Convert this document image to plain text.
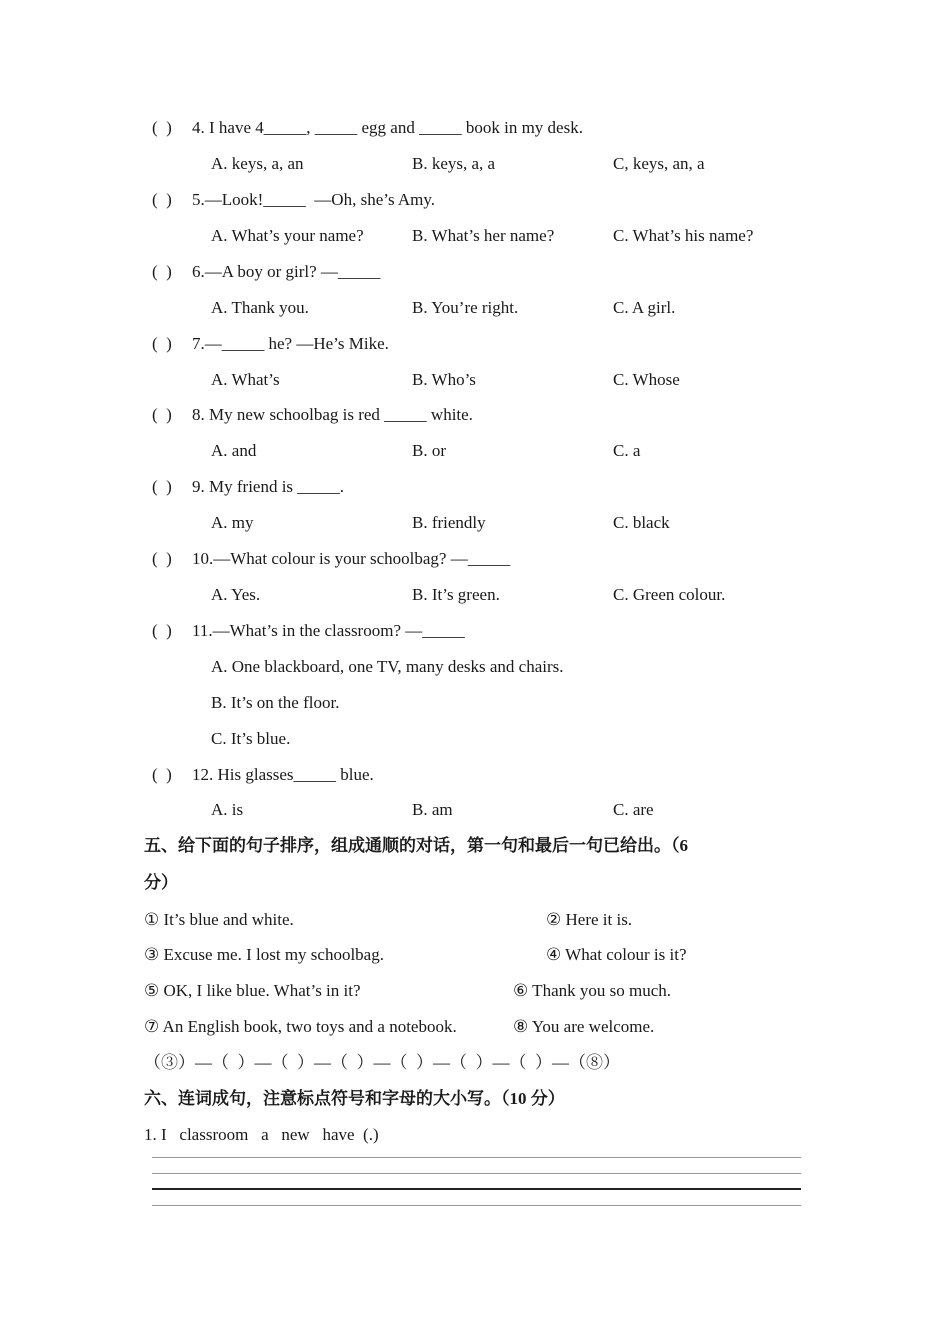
(  ) 4. I have 4_____, _____ egg and _____ book in my desk.
A. keys, a, an	B. keys, a, a	C, keys, an, a
(  ) 5.—Look!_____  —Oh, she’s Amy.
A. What’s your name?	B. What’s her name?	C. What’s his name?
(  ) 6.—A boy or girl? —_____
A. Thank you.	B. You’re right.	C. A girl.
(  ) 7.—_____ he? —He’s Mike.
A. What’s	B. Who’s	C. Whose
(  ) 8. My new schoolbag is red _____ white.
A. and	B. or	C. a
(  ) 9. My friend is _____.
A. my	B. friendly	C. black
(  ) 10.—What colour is your schoolbag? —_____
A. Yes.	B. It’s green.	C. Green colour.
(  ) 11.—What’s in the classroom? —_____
A. One blackboard, one TV, many desks and chairs.
B. It’s on the floor.
C. It’s blue.
(  ) 12. His glasses_____ blue.
A. is	B. am	C. are
五、给下面的句子排序，组成通顺的对话，第一句和最后一句已给出。（6
分）
① It’s blue and white.	② Here it is.
③ Excuse me. I lost my schoolbag.	④ What colour is it?
⑤ OK, I like blue. What’s in it?	⑥ Thank you so much.
⑦ An English book, two toys and a notebook.	⑧ You are welcome.
（③）—（  ）—（  ）—（  ）—（  ）—（  ）—（  ）—（⑧）
六、连词成句，注意标点符号和字母的大小写。（10 分）
1. I   classroom   a   new   have  (.)
